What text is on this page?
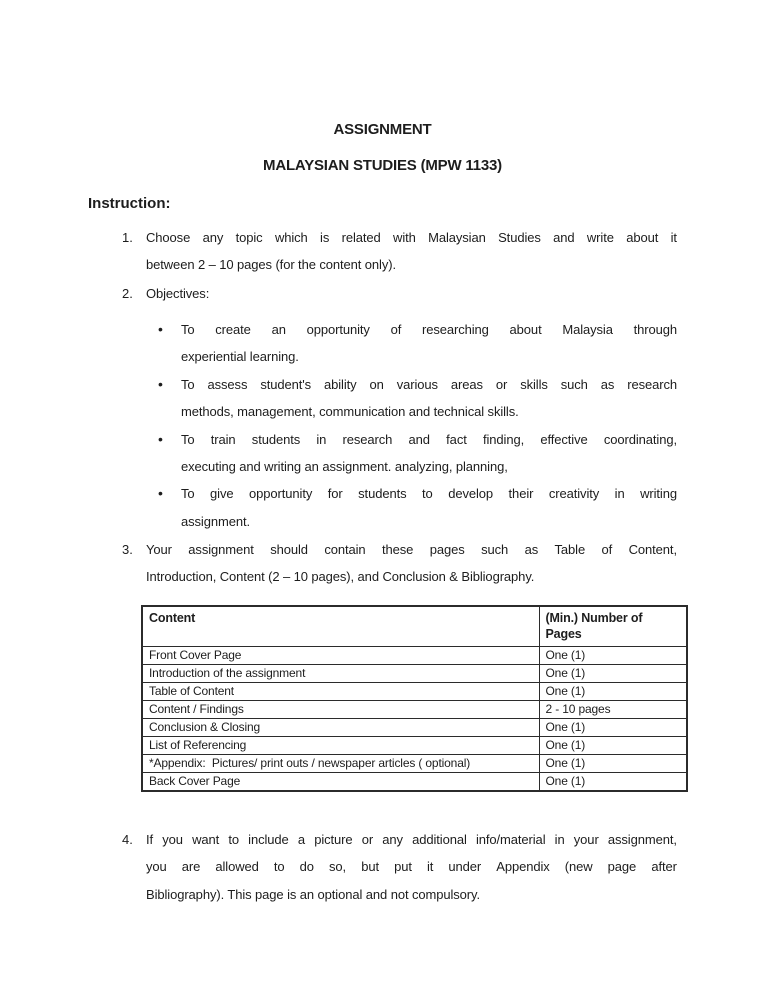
ASSIGNMENT
MALAYSIAN STUDIES (MPW 1133)
Instruction:
1. Choose any topic which is related with Malaysian Studies and write about it
between 2 – 10 pages (for the content only).
2. Objectives:
• To create an opportunity of researching about Malaysia through
experiential learning.
• To assess student's ability on various areas or skills such as research
methods, management, communication and technical skills.
• To train students in research and fact finding, effective coordinating,
executing and writing an assignment. analyzing, planning,
• To give opportunity for students to develop their creativity in writing
assignment.
3. Your assignment should contain these pages such as Table of Content,
Introduction, Content (2 – 10 pages), and Conclusion & Bibliography.
Content	(Min.) Number of Pages
Front Cover Page	One (1)
Introduction of the assignment	One (1)
Table of Content	One (1)
Content / Findings	2 - 10 pages
Conclusion & Closing	One (1)
List of Referencing	One (1)
*Appendix:  Pictures/ print outs / newspaper articles ( optional)	One (1)
Back Cover Page	One (1)
4. If you want to include a picture or any additional info/material in your assignment,
you are allowed to do so, but put it under Appendix (new page after
Bibliography). This page is an optional and not compulsory.
